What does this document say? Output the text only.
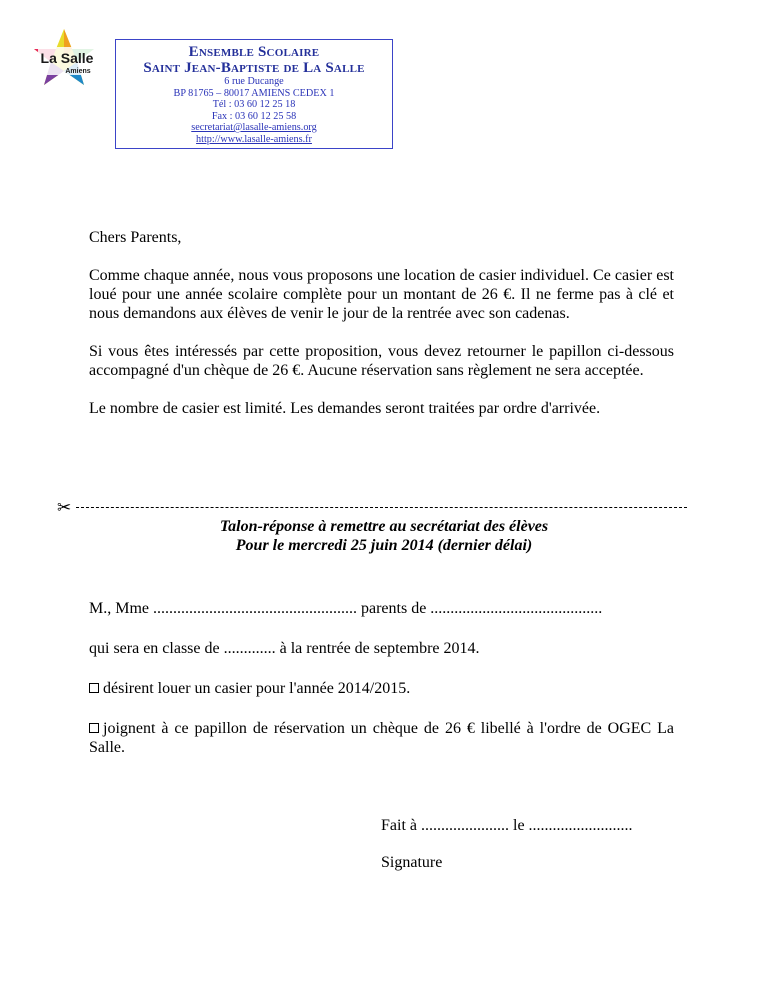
La Salle
Amiens
Ensemble Scolaire
Saint Jean-Baptiste de La Salle
6 rue Ducange
BP 81765 – 80017 AMIENS CEDEX 1
Tél : 03 60 12 25 18
Fax : 03 60 12 25 58
secretariat@lasalle-amiens.org
http://www.lasalle-amiens.fr

Chers Parents,

Comme chaque année, nous vous proposons une location de casier individuel. Ce casier est loué pour une année scolaire complète pour un montant de 26 €. Il ne ferme pas à clé et nous demandons aux élèves de venir le jour de la rentrée avec son cadenas.

Si vous êtes intéressés par cette proposition, vous devez retourner le papillon ci-dessous accompagné d'un chèque de 26 €. Aucune réservation sans règlement ne sera acceptée.

Le nombre de casier est limité. Les demandes seront traitées par ordre d'arrivée.

✂
Talon-réponse à remettre au secrétariat des élèves
Pour le mercredi 25 juin 2014 (dernier délai)

M., Mme ................................................... parents de ...........................................

qui sera en classe de ............. à la rentrée de septembre 2014.

désirent louer un casier pour l'année 2014/2015.

joignent à ce papillon de réservation un chèque de 26 € libellé à l'ordre de OGEC La Salle.

Fait à ...................... le ..........................
Signature
